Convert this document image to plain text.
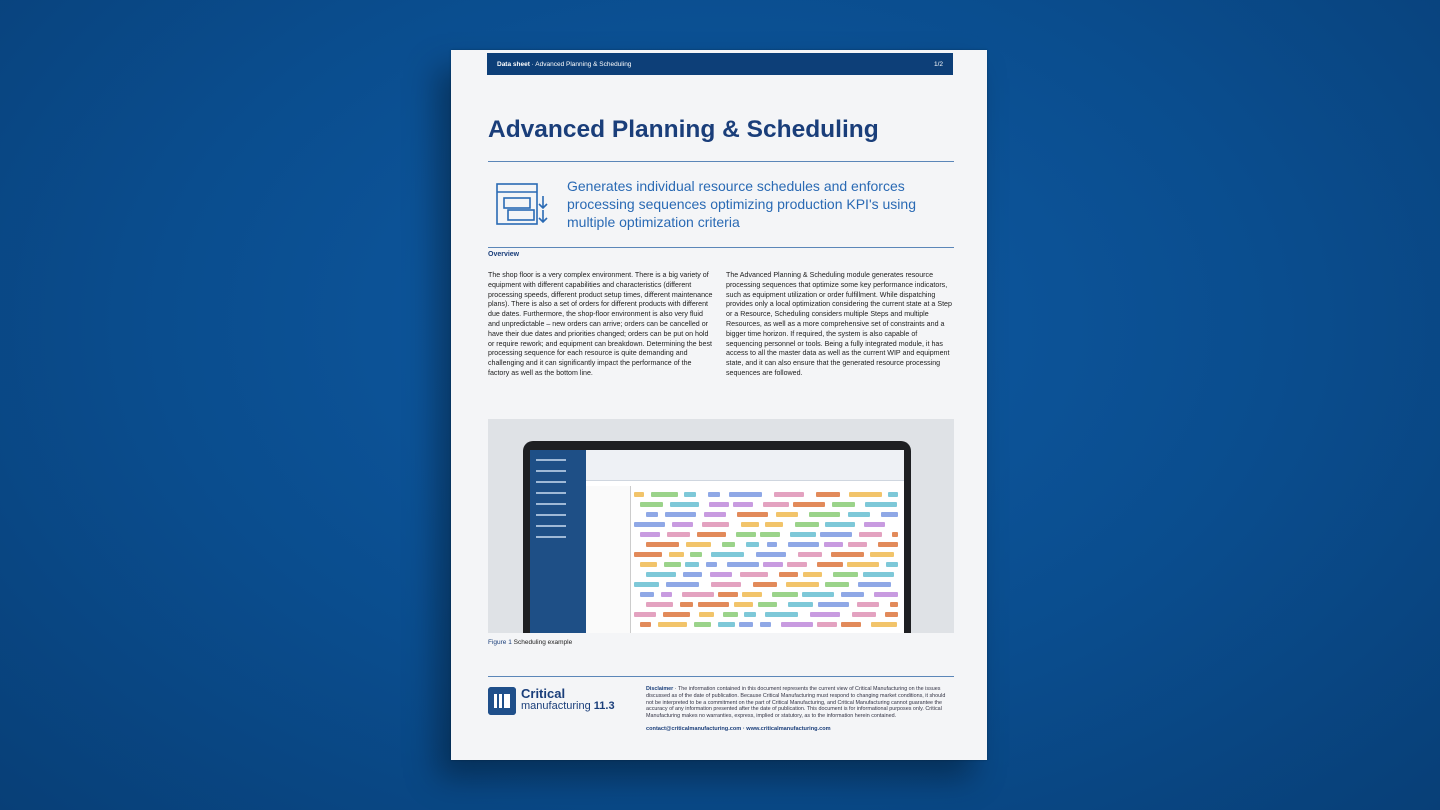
Data sheet · Advanced Planning & Scheduling	1/2
Advanced Planning & Scheduling
Generates individual resource schedules and enforces processing sequences optimizing production KPI's using multiple optimization criteria
Overview
The shop floor is a very complex environment. There is a big variety of equipment with different capabilities and characteristics (different processing speeds, different product setup times, different maintenance plans). There is also a set of orders for different products with different due dates. Furthermore, the shop-floor environment is also very fluid and unpredictable – new orders can arrive; orders can be cancelled or have their due dates and priorities changed; orders can be put on hold or require rework; and equipment can breakdown. Determining the best processing sequence for each resource is quite demanding and challenging and it can significantly impact the performance of the factory as well as the bottom line.
The Advanced Planning & Scheduling module generates resource processing sequences that optimize some key performance indicators, such as equipment utilization or order fulfillment. While dispatching provides only a local optimization considering the current state at a Step or a Resource, Scheduling considers multiple Steps and multiple Resources, as well as a more comprehensive set of constraints and a bigger time horizon. If required, the system is also capable of sequencing personnel or tools. Being a fully integrated module, it has access to all the master data as well as the current WIP and equipment state, and it can also ensure that the generated resource processing sequences are followed.
Figure 1 Scheduling example
Critical
manufacturing 11.3
Disclaimer · The information contained in this document represents the current view of Critical Manufacturing on the issues discussed as of the date of publication. Because Critical Manufacturing must respond to changing market conditions, it should not be interpreted to be a commitment on the part of Critical Manufacturing, and Critical Manufacturing cannot guarantee the accuracy of any information presented after the date of publication. This document is for informational purposes only. Critical Manufacturing makes no warranties, express, implied or statutory, as to the information herein contained.
contact@criticalmanufacturing.com · www.criticalmanufacturing.com
